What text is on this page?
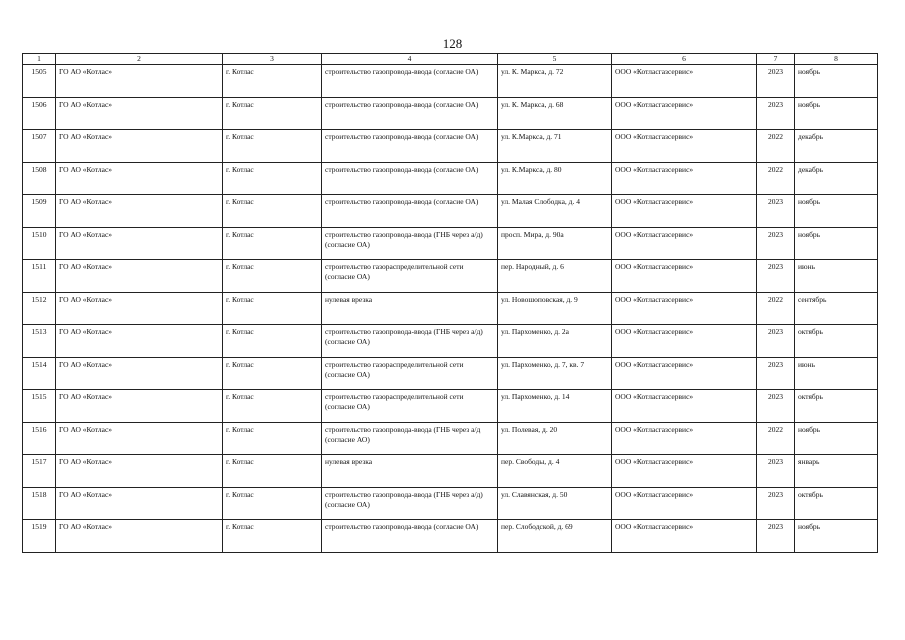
128
1	2	3	4	5	6	7	8
1505	ГО АО «Котлас»	г. Котлас	строительство газопровода-ввода (согласие ОА)	ул. К. Маркса, д. 72	ООО «Котласгазсервис»	2023	ноябрь
1506	ГО АО «Котлас»	г. Котлас	строительство газопровода-ввода (согласие ОА)	ул. К. Маркса, д. 68	ООО «Котласгазсервис»	2023	ноябрь
1507	ГО АО «Котлас»	г. Котлас	строительство газопровода-ввода (согласие ОА)	ул. К.Маркса, д. 71	ООО «Котласгазсервис»	2022	декабрь
1508	ГО АО «Котлас»	г. Котлас	строительство газопровода-ввода (согласие ОА)	ул. К.Маркса, д. 80	ООО «Котласгазсервис»	2022	декабрь
1509	ГО АО «Котлас»	г. Котлас	строительство газопровода-ввода (согласие ОА)	ул. Малая Слободка, д. 4	ООО «Котласгазсервис»	2023	ноябрь
1510	ГО АО «Котлас»	г. Котлас	строительство газопровода-ввода (ГНБ через а/д) (согласие ОА)	просп. Мира, д. 90а	ООО «Котласгазсервис»	2023	ноябрь
1511	ГО АО «Котлас»	г. Котлас	строительство газораспределительной сети (согласие ОА)	пер. Народный, д. 6	ООО «Котласгазсервис»	2023	июнь
1512	ГО АО «Котлас»	г. Котлас	нулевая врезка	ул. Новошоповская, д. 9	ООО «Котласгазсервис»	2022	сентябрь
1513	ГО АО «Котлас»	г. Котлас	строительство газопровода-ввода (ГНБ через а/д) (согласие ОА)	ул. Пархоменко, д. 2а	ООО «Котласгазсервис»	2023	октябрь
1514	ГО АО «Котлас»	г. Котлас	строительство газораспределительной сети (согласие ОА)	ул. Пархоменко, д. 7, кв. 7	ООО «Котласгазсервис»	2023	июнь
1515	ГО АО «Котлас»	г. Котлас	строительство газораспределительной сети (согласие ОА)	ул. Пархоменко, д. 14	ООО «Котласгазсервис»	2023	октябрь
1516	ГО АО «Котлас»	г. Котлас	строительство газопровода-ввода (ГНБ через а/д (согласие АО)	ул. Полевая, д. 20	ООО «Котласгазсервис»	2022	ноябрь
1517	ГО АО «Котлас»	г. Котлас	нулевая врезка	пер. Свободы, д. 4	ООО «Котласгазсервис»	2023	январь
1518	ГО АО «Котлас»	г. Котлас	строительство газопровода-ввода (ГНБ через а/д) (согласие ОА)	ул. Славянская, д. 50	ООО «Котласгазсервис»	2023	октябрь
1519	ГО АО «Котлас»	г. Котлас	строительство газопровода-ввода (согласие ОА)	пер. Слободской, д. 69	ООО «Котласгазсервис»	2023	ноябрь
